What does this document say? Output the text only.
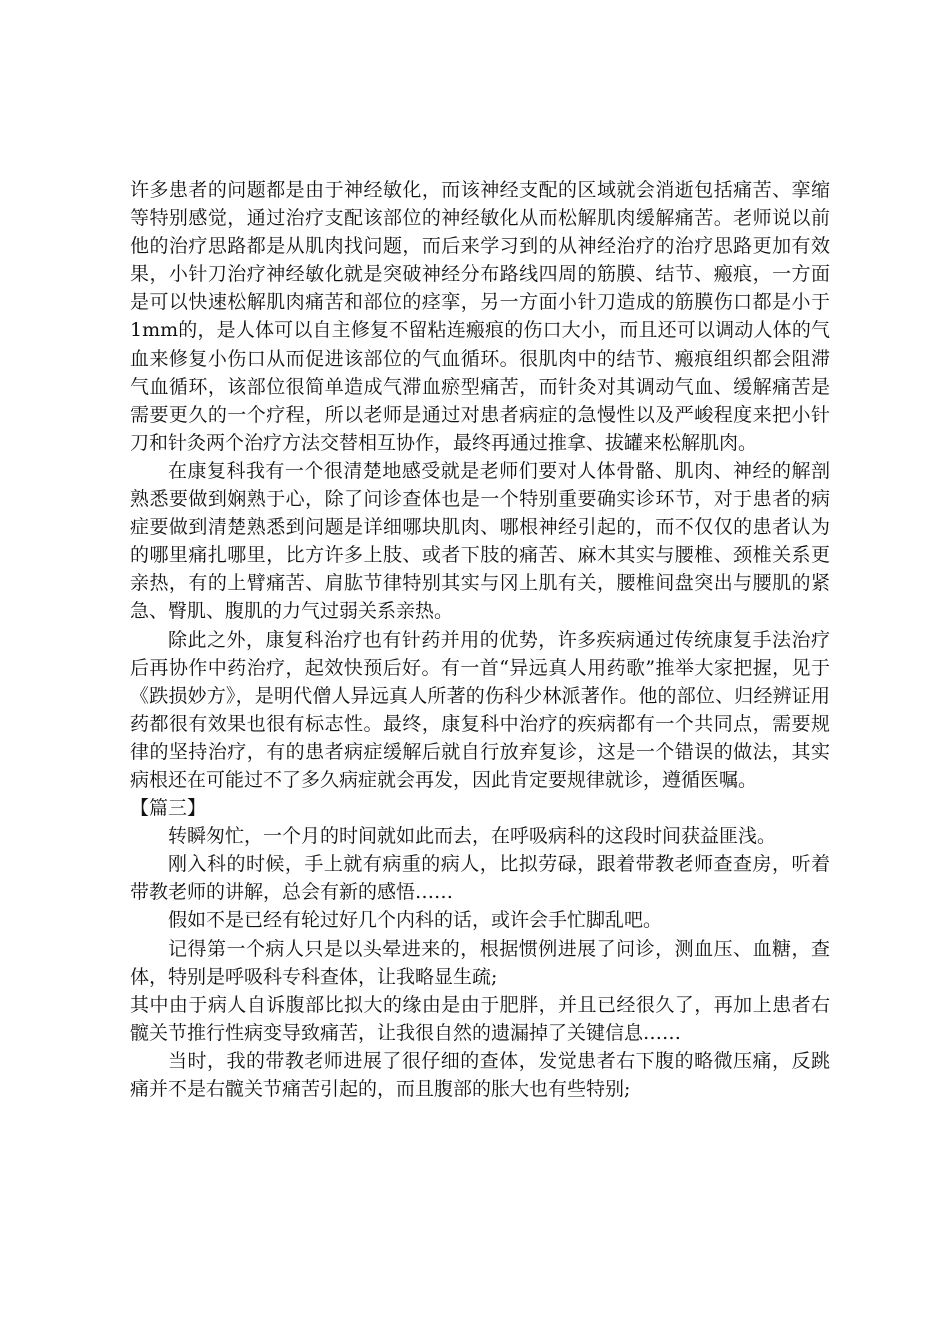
许多患者的问题都是由于神经敏化，而该神经支配的区域就会消逝包括痛苦、挛缩等特别感觉，通过治疗支配该部位的神经敏化从而松解肌肉缓解痛苦。老师说以前他的治疗思路都是从肌肉找问题，而后来学习到的从神经治疗的治疗思路更加有效果，小针刀治疗神经敏化就是突破神经分布路线四周的筋膜、结节、瘢痕，一方面是可以快速松解肌肉痛苦和部位的痉挛，另一方面小针刀造成的筋膜伤口都是小于1mm的，是人体可以自主修复不留粘连瘢痕的伤口大小，而且还可以调动人体的气血来修复小伤口从而促进该部位的气血循环。很肌肉中的结节、瘢痕组织都会阻滞气血循环，该部位很简单造成气滞血瘀型痛苦，而针灸对其调动气血、缓解痛苦是需要更久的一个疗程，所以老师是通过对患者病症的急慢性以及严峻程度来把小针刀和针灸两个治疗方法交替相互协作，最终再通过推拿、拔罐来松解肌肉。

在康复科我有一个很清楚地感受就是老师们要对人体骨骼、肌肉、神经的解剖熟悉要做到娴熟于心，除了问诊查体也是一个特别重要确实诊环节，对于患者的病症要做到清楚熟悉到问题是详细哪块肌肉、哪根神经引起的，而不仅仅的患者认为的哪里痛扎哪里，比方许多上肢、或者下肢的痛苦、麻木其实与腰椎、颈椎关系更亲热，有的上臂痛苦、肩肱节律特别其实与冈上肌有关，腰椎间盘突出与腰肌的紧急、臀肌、腹肌的力气过弱关系亲热。

除此之外，康复科治疗也有针药并用的优势，许多疾病通过传统康复手法治疗后再协作中药治疗，起效快预后好。有一首“异远真人用药歌”推举大家把握，见于《跌损妙方》，是明代僧人异远真人所著的伤科少林派著作。他的部位、归经辨证用药都很有效果也很有标志性。最终，康复科中治疗的疾病都有一个共同点，需要规律的坚持治疗，有的患者病症缓解后就自行放弃复诊，这是一个错误的做法，其实病根还在可能过不了多久病症就会再发，因此肯定要规律就诊，遵循医嘱。

【篇三】

转瞬匆忙，一个月的时间就如此而去，在呼吸病科的这段时间获益匪浅。

刚入科的时候，手上就有病重的病人，比拟劳碌，跟着带教老师查查房，听着带教老师的讲解，总会有新的感悟……

假如不是已经有轮过好几个内科的话，或许会手忙脚乱吧。

记得第一个病人只是以头晕进来的，根据惯例进展了问诊，测血压、血糖，查体，特别是呼吸科专科查体，让我略显生疏;

其中由于病人自诉腹部比拟大的缘由是由于肥胖，并且已经很久了，再加上患者右髋关节推行性病变导致痛苦，让我很自然的遗漏掉了关键信息……

当时，我的带教老师进展了很仔细的查体，发觉患者右下腹的略微压痛，反跳痛并不是右髋关节痛苦引起的，而且腹部的胀大也有些特别;
